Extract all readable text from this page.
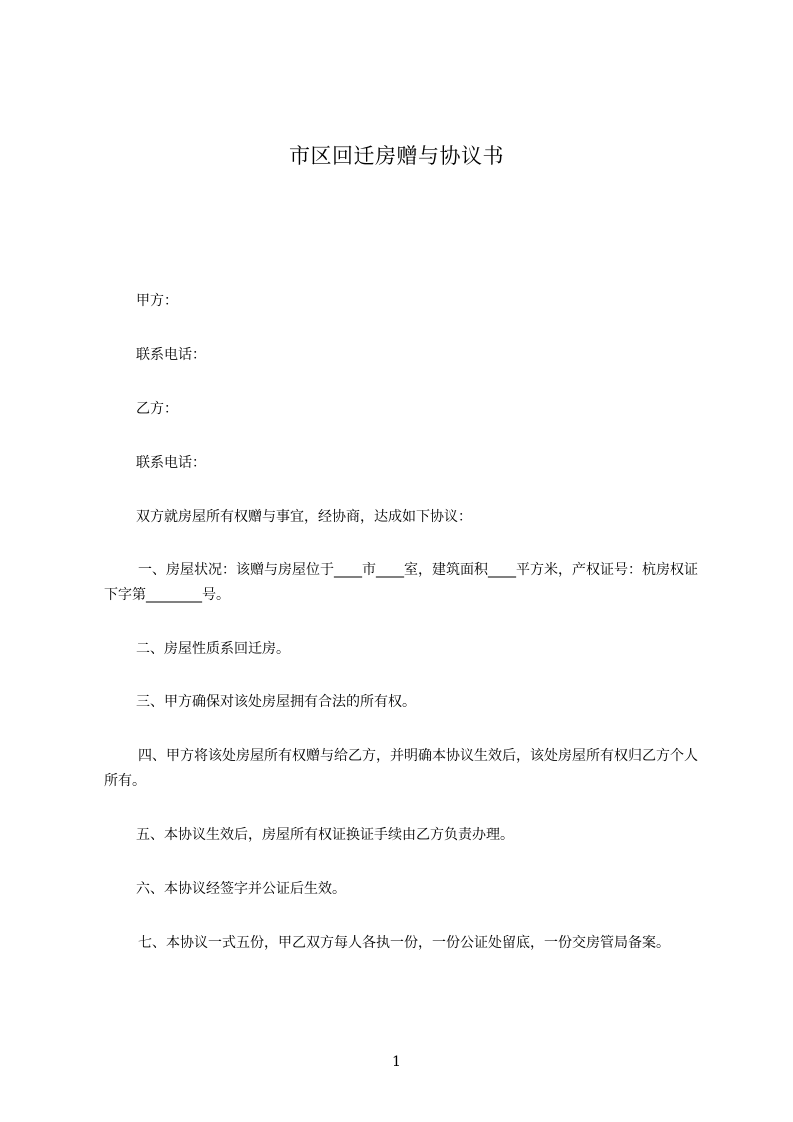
市区回迁房赠与协议书

甲方：

联系电话：

乙方：

联系电话：

双方就房屋所有权赠与事宜，经协商，达成如下协议：

一、房屋状况：该赠与房屋位于____市____室，建筑面积____平方米，产权证号：杭房权证下字第________号。

二、房屋性质系回迁房。

三、甲方确保对该处房屋拥有合法的所有权。

四、甲方将该处房屋所有权赠与给乙方，并明确本协议生效后，该处房屋所有权归乙方个人所有。

五、本协议生效后，房屋所有权证换证手续由乙方负责办理。

六、本协议经签字并公证后生效。

七、本协议一式五份，甲乙双方每人各执一份，一份公证处留底，一份交房管局备案。

1
